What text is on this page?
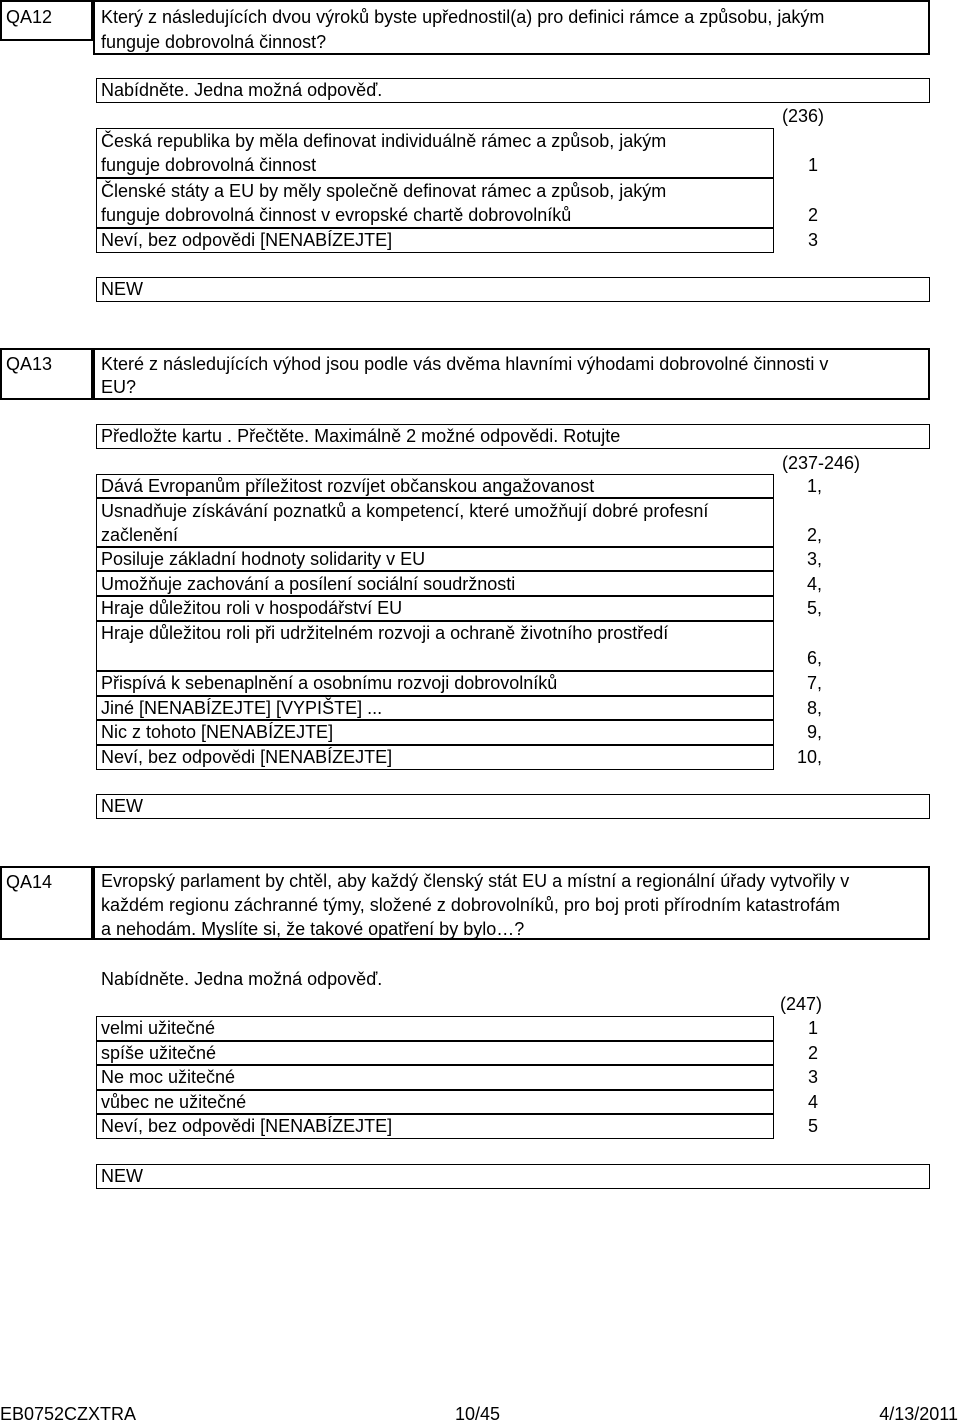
QA12	Který z následujících dvou výroků byste upřednostil(a) pro definici rámce a způsobu, jakým
funguje dobrovolná činnost?
Nabídněte. Jedna možná odpověď.
(236)
Česká republika by měla definovat individuálně rámec a způsob, jakým
funguje dobrovolná činnost	1
Členské státy a EU by měly společně definovat rámec a způsob, jakým
funguje dobrovolná činnost v evropské chartě dobrovolníků	2
Neví, bez odpovědi [NENABÍZEJTE]	3
NEW
QA13	Které z následujících výhod jsou podle vás dvěma hlavními výhodami dobrovolné činnosti v
EU?
Předložte kartu . Přečtěte. Maximálně 2 možné odpovědi. Rotujte
(237-246)
Dává Evropanům příležitost rozvíjet občanskou angažovanost	1,
Usnadňuje získávání poznatků a kompetencí, které umožňují dobré profesní
začlenění	2,
Posiluje základní hodnoty solidarity v EU	3,
Umožňuje zachování a posílení sociální soudržnosti	4,
Hraje důležitou roli v hospodářství EU	5,
Hraje důležitou roli při udržitelném rozvoji a ochraně životního prostředí
6,
Přispívá k sebenaplnění a osobnímu rozvoji dobrovolníků	7,
Jiné [NENABÍZEJTE] [VYPIŠTE] ...	8,
Nic z tohoto [NENABÍZEJTE]	9,
Neví, bez odpovědi [NENABÍZEJTE]	10,
NEW
QA14	Evropský parlament by chtěl, aby každý členský stát EU a místní a regionální úřady vytvořily v
každém regionu záchranné týmy, složené z dobrovolníků, pro boj proti přírodním katastrofám
a nehodám. Myslíte si, že takové opatření by bylo…?
Nabídněte. Jedna možná odpověď.
(247)
velmi užitečné	1
spíše užitečné	2
Ne moc užitečné	3
vůbec ne užitečné	4
Neví, bez odpovědi [NENABÍZEJTE]	5
NEW
EB0752CZXTRA	10/45	4/13/2011
